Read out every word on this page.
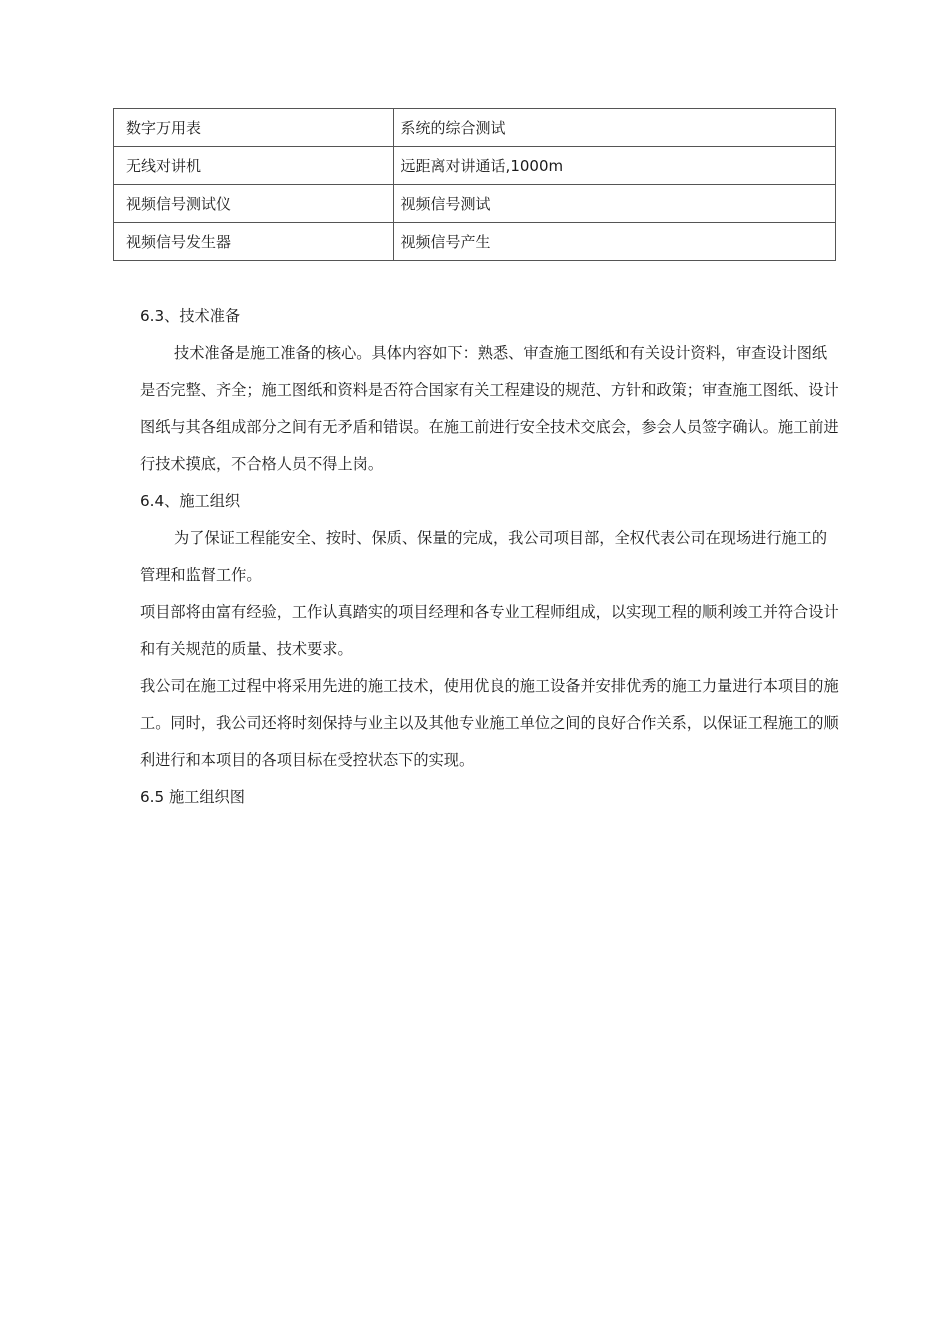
数字万用表	系统的综合测试
无线对讲机	远距离对讲通话,1000m
视频信号测试仪	视频信号测试
视频信号发生器	视频信号产生

6.3、技术准备

技术准备是施工准备的核心。具体内容如下：熟悉、审查施工图纸和有关设计资料，审查设计图纸是否完整、齐全；施工图纸和资料是否符合国家有关工程建设的规范、方针和政策；审查施工图纸、设计图纸与其各组成部分之间有无矛盾和错误。在施工前进行安全技术交底会，参会人员签字确认。施工前进行技术摸底，不合格人员不得上岗。

6.4、施工组织

为了保证工程能安全、按时、保质、保量的完成，我公司项目部，全权代表公司在现场进行施工的管理和监督工作。

项目部将由富有经验，工作认真踏实的项目经理和各专业工程师组成，以实现工程的顺利竣工并符合设计和有关规范的质量、技术要求。

我公司在施工过程中将采用先进的施工技术，使用优良的施工设备并安排优秀的施工力量进行本项目的施工。同时，我公司还将时刻保持与业主以及其他专业施工单位之间的良好合作关系，以保证工程施工的顺利进行和本项目的各项目标在受控状态下的实现。

6.5 施工组织图
